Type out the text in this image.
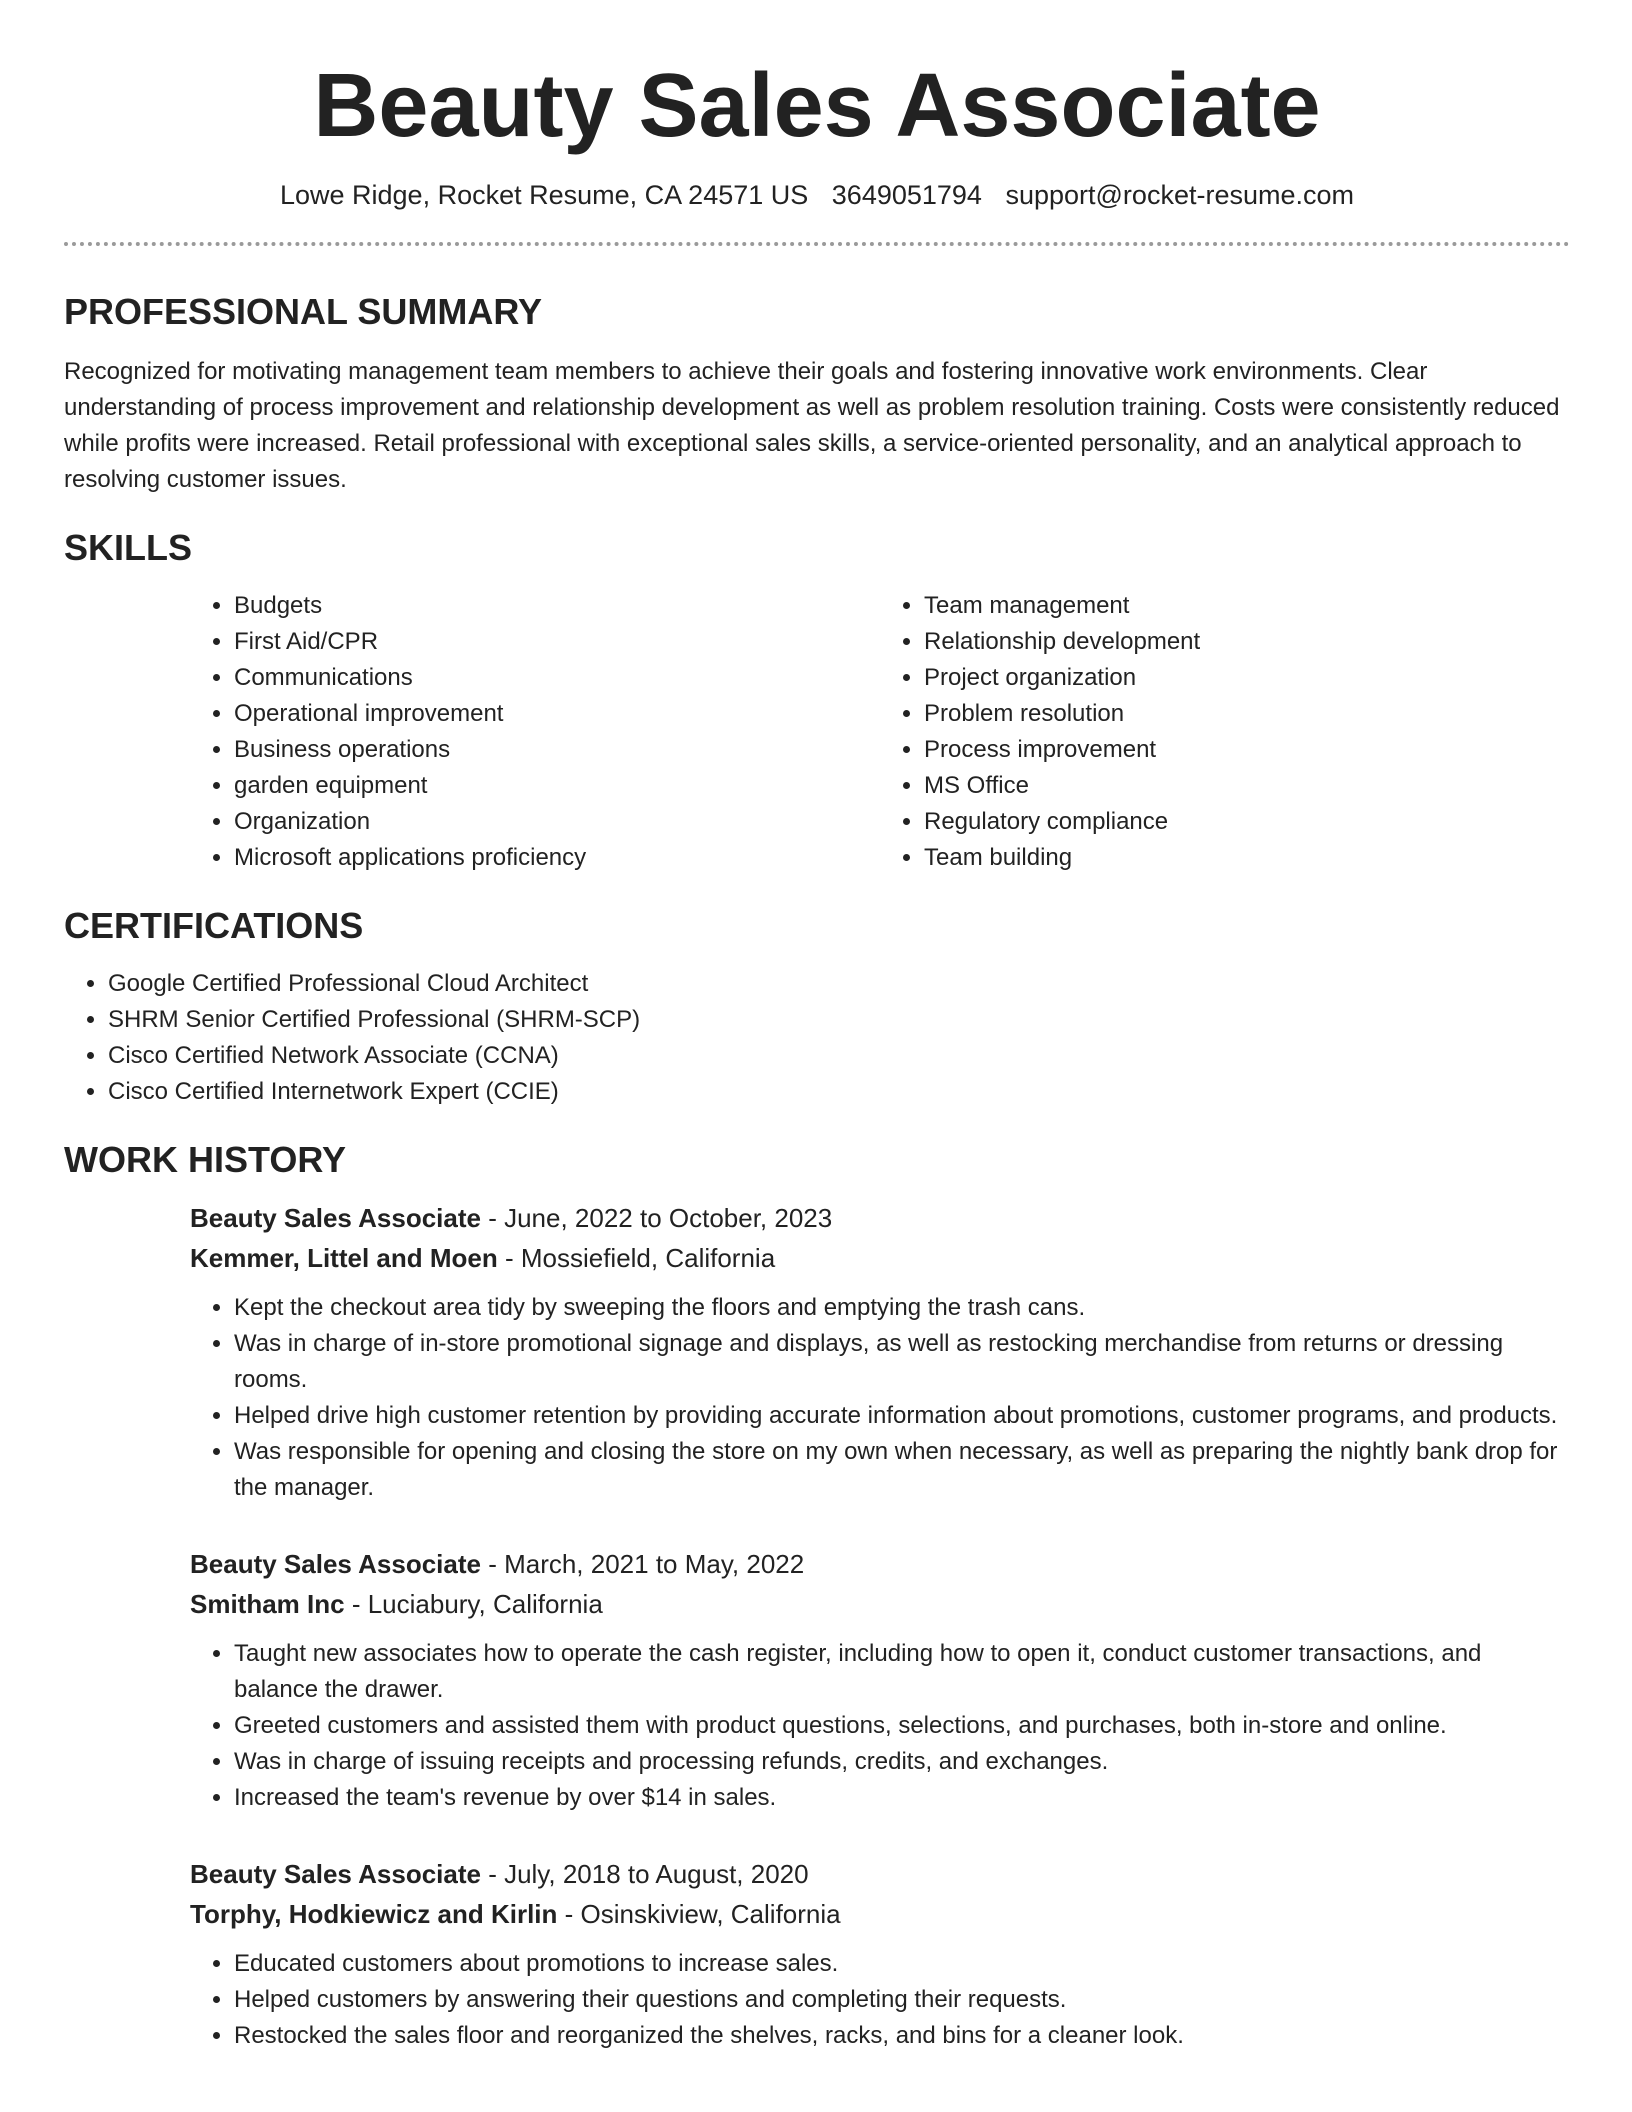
Beauty Sales Associate
Lowe Ridge, Rocket Resume, CA 24571 US 3649051794 support@rocket-resume.com
PROFESSIONAL SUMMARY

Recognized for motivating management team members to achieve their goals and fostering innovative work environments. Clear understanding of process improvement and relationship development as well as problem resolution training. Costs were consistently reduced while profits were increased. Retail professional with exceptional sales skills, a service-oriented personality, and an analytical approach to resolving customer issues.

SKILLS
• Budgets
• First Aid/CPR
• Communications
• Operational improvement
• Business operations
• garden equipment
• Organization
• Microsoft applications proficiency
• Team management
• Relationship development
• Project organization
• Problem resolution
• Process improvement
• MS Office
• Regulatory compliance
• Team building
CERTIFICATIONS
• Google Certified Professional Cloud Architect
• SHRM Senior Certified Professional (SHRM-SCP)
• Cisco Certified Network Associate (CCNA)
• Cisco Certified Internetwork Expert (CCIE)
WORK HISTORY

Beauty Sales Associate - June, 2022 to October, 2023

Kemmer, Littel and Moen - Mossiefield, California

• Kept the checkout area tidy by sweeping the floors and emptying the trash cans.
• Was in charge of in-store promotional signage and displays, as well as restocking merchandise from returns or dressing rooms.
• Helped drive high customer retention by providing accurate information about promotions, customer programs, and products.
• Was responsible for opening and closing the store on my own when necessary, as well as preparing the nightly bank drop for the manager.

Beauty Sales Associate - March, 2021 to May, 2022

Smitham Inc - Luciabury, California

• Taught new associates how to operate the cash register, including how to open it, conduct customer transactions, and balance the drawer.
• Greeted customers and assisted them with product questions, selections, and purchases, both in-store and online.
• Was in charge of issuing receipts and processing refunds, credits, and exchanges.
• Increased the team's revenue by over $14 in sales.

Beauty Sales Associate - July, 2018 to August, 2020

Torphy, Hodkiewicz and Kirlin - Osinskiview, California

• Educated customers about promotions to increase sales.
• Helped customers by answering their questions and completing their requests.
• Restocked the sales floor and reorganized the shelves, racks, and bins for a cleaner look.
